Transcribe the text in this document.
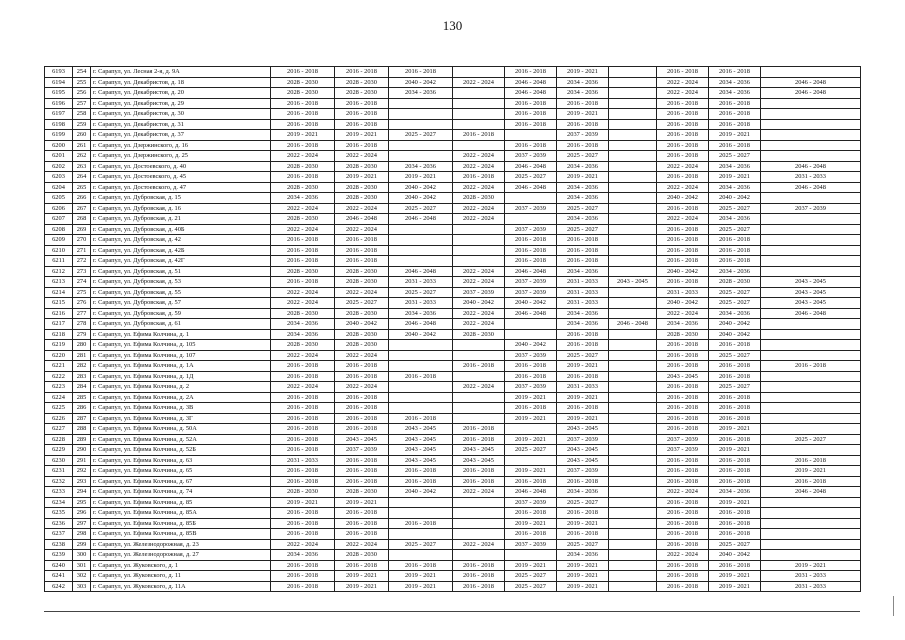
130
6193	254	г. Сарапул, ул. Лесная 2-я, д. 9А	2016 - 2018	2016 - 2018	2016 - 2018		2016 - 2018	2019 - 2021		2016 - 2018	2016 - 2018	
6194	255	г. Сарапул, ул. Декабристов, д. 18	2028 - 2030	2028 - 2030	2040 - 2042	2022 - 2024	2046 - 2048	2034 - 2036		2022 - 2024	2034 - 2036	2046 - 2048
6195	256	г. Сарапул, ул. Декабристов, д. 20	2028 - 2030	2028 - 2030	2034 - 2036		2046 - 2048	2034 - 2036		2022 - 2024	2034 - 2036	2046 - 2048
6196	257	г. Сарапул, ул. Декабристов, д. 29	2016 - 2018	2016 - 2018			2016 - 2018	2016 - 2018		2016 - 2018	2016 - 2018	
6197	258	г. Сарапул, ул. Декабристов, д. 30	2016 - 2018	2016 - 2018			2016 - 2018	2019 - 2021		2016 - 2018	2016 - 2018	
6198	259	г. Сарапул, ул. Декабристов, д. 31	2016 - 2018	2016 - 2018			2016 - 2018	2016 - 2018		2016 - 2018	2016 - 2018	
6199	260	г. Сарапул, ул. Декабристов, д. 37	2019 - 2021	2019 - 2021	2025 - 2027	2016 - 2018		2037 - 2039		2016 - 2018	2019 - 2021	
6200	261	г. Сарапул, ул. Дзержинского, д. 16	2016 - 2018	2016 - 2018			2016 - 2018	2016 - 2018		2016 - 2018	2016 - 2018	
6201	262	г. Сарапул, ул. Дзержинского, д. 25	2022 - 2024	2022 - 2024		2022 - 2024	2037 - 2039	2025 - 2027		2016 - 2018	2025 - 2027	
6202	263	г. Сарапул, ул. Достоевского, д. 40	2028 - 2030	2028 - 2030	2034 - 2036	2022 - 2024	2046 - 2048	2034 - 2036		2022 - 2024	2034 - 2036	2046 - 2048
6203	264	г. Сарапул, ул. Достоевского, д. 45	2016 - 2018	2019 - 2021	2019 - 2021	2016 - 2018	2025 - 2027	2019 - 2021		2016 - 2018	2019 - 2021	2031 - 2033
6204	265	г. Сарапул, ул. Достоевского, д. 47	2028 - 2030	2028 - 2030	2040 - 2042	2022 - 2024	2046 - 2048	2034 - 2036		2022 - 2024	2034 - 2036	2046 - 2048
6205	266	г. Сарапул, ул. Дубровская, д. 15	2034 - 2036	2028 - 2030	2040 - 2042	2028 - 2030		2034 - 2036		2040 - 2042	2040 - 2042	
6206	267	г. Сарапул, ул. Дубровская, д. 16	2022 - 2024	2022 - 2024	2025 - 2027	2022 - 2024	2037 - 2039	2025 - 2027		2016 - 2018	2025 - 2027	2037 - 2039
6207	268	г. Сарапул, ул. Дубровская, д. 21	2028 - 2030	2046 - 2048	2046 - 2048	2022 - 2024		2034 - 2036		2022 - 2024	2034 - 2036	
6208	269	г. Сарапул, ул. Дубровская, д. 40Б	2022 - 2024	2022 - 2024			2037 - 2039	2025 - 2027		2016 - 2018	2025 - 2027	
6209	270	г. Сарапул, ул. Дубровская, д. 42	2016 - 2018	2016 - 2018			2016 - 2018	2016 - 2018		2016 - 2018	2016 - 2018	
6210	271	г. Сарапул, ул. Дубровская, д. 42Б	2016 - 2018	2016 - 2018			2016 - 2018	2016 - 2018		2016 - 2018	2016 - 2018	
6211	272	г. Сарапул, ул. Дубровская, д. 42Г	2016 - 2018	2016 - 2018			2016 - 2018	2016 - 2018		2016 - 2018	2016 - 2018	
6212	273	г. Сарапул, ул. Дубровская, д. 51	2028 - 2030	2028 - 2030	2046 - 2048	2022 - 2024	2046 - 2048	2034 - 2036		2040 - 2042	2034 - 2036	
6213	274	г. Сарапул, ул. Дубровская, д. 53	2016 - 2018	2028 - 2030	2031 - 2033	2022 - 2024	2037 - 2039	2031 - 2033	2043 - 2045	2016 - 2018	2028 - 2030	2043 - 2045
6214	275	г. Сарапул, ул. Дубровская, д. 55	2022 - 2024	2022 - 2024	2025 - 2027	2037 - 2039	2037 - 2039	2031 - 2033		2031 - 2033	2025 - 2027	2043 - 2045
6215	276	г. Сарапул, ул. Дубровская, д. 57	2022 - 2024	2025 - 2027	2031 - 2033	2040 - 2042	2040 - 2042	2031 - 2033		2040 - 2042	2025 - 2027	2043 - 2045
6216	277	г. Сарапул, ул. Дубровская, д. 59	2028 - 2030	2028 - 2030	2034 - 2036	2022 - 2024	2046 - 2048	2034 - 2036		2022 - 2024	2034 - 2036	2046 - 2048
6217	278	г. Сарапул, ул. Дубровская, д. 61	2034 - 2036	2040 - 2042	2046 - 2048	2022 - 2024		2034 - 2036	2046 - 2048	2034 - 2036	2040 - 2042	
6218	279	г. Сарапул, ул. Ефима Колчина, д. 1	2034 - 2036	2028 - 2030	2040 - 2042	2028 - 2030		2016 - 2018		2028 - 2030	2040 - 2042	
6219	280	г. Сарапул, ул. Ефима Колчина, д. 105	2028 - 2030	2028 - 2030			2040 - 2042	2016 - 2018		2016 - 2018	2016 - 2018	
6220	281	г. Сарапул, ул. Ефима Колчина, д. 107	2022 - 2024	2022 - 2024			2037 - 2039	2025 - 2027		2016 - 2018	2025 - 2027	
6221	282	г. Сарапул, ул. Ефима Колчина, д. 1А	2016 - 2018	2016 - 2018		2016 - 2018	2016 - 2018	2019 - 2021		2016 - 2018	2016 - 2018	2016 - 2018
6222	283	г. Сарапул, ул. Ефима Колчина, д. 1Д	2016 - 2018	2016 - 2018	2016 - 2018		2016 - 2018	2016 - 2018		2043 - 2045	2016 - 2018	
6223	284	г. Сарапул, ул. Ефима Колчина, д. 2	2022 - 2024	2022 - 2024		2022 - 2024	2037 - 2039	2031 - 2033		2016 - 2018	2025 - 2027	
6224	285	г. Сарапул, ул. Ефима Колчина, д. 2А	2016 - 2018	2016 - 2018			2019 - 2021	2019 - 2021		2016 - 2018	2016 - 2018	
6225	286	г. Сарапул, ул. Ефима Колчина, д. 3В	2016 - 2018	2016 - 2018			2016 - 2018	2016 - 2018		2016 - 2018	2016 - 2018	
6226	287	г. Сарапул, ул. Ефима Колчина, д. 3Г	2016 - 2018	2016 - 2018	2016 - 2018		2019 - 2021	2019 - 2021		2016 - 2018	2016 - 2018	
6227	288	г. Сарапул, ул. Ефима Колчина, д. 50А	2016 - 2018	2016 - 2018	2043 - 2045	2016 - 2018		2043 - 2045		2016 - 2018	2019 - 2021	
6228	289	г. Сарапул, ул. Ефима Колчина, д. 52А	2016 - 2018	2043 - 2045	2043 - 2045	2016 - 2018	2019 - 2021	2037 - 2039		2037 - 2039	2016 - 2018	2025 - 2027
6229	290	г. Сарапул, ул. Ефима Колчина, д. 52Б	2016 - 2018	2037 - 2039	2043 - 2045	2043 - 2045	2025 - 2027	2043 - 2045		2037 - 2039	2019 - 2021	
6230	291	г. Сарапул, ул. Ефима Колчина, д. 63	2031 - 2033	2016 - 2018	2043 - 2045	2043 - 2045		2043 - 2045		2016 - 2018	2016 - 2018	2016 - 2018
6231	292	г. Сарапул, ул. Ефима Колчина, д. 65	2016 - 2018	2016 - 2018	2016 - 2018	2016 - 2018	2019 - 2021	2037 - 2039		2016 - 2018	2016 - 2018	2019 - 2021
6232	293	г. Сарапул, ул. Ефима Колчина, д. 67	2016 - 2018	2016 - 2018	2016 - 2018	2016 - 2018	2016 - 2018	2016 - 2018		2016 - 2018	2016 - 2018	2016 - 2018
6233	294	г. Сарапул, ул. Ефима Колчина, д. 74	2028 - 2030	2028 - 2030	2040 - 2042	2022 - 2024	2046 - 2048	2034 - 2036		2022 - 2024	2034 - 2036	2046 - 2048
6234	295	г. Сарапул, ул. Ефима Колчина, д. 85	2019 - 2021	2019 - 2021			2037 - 2039	2025 - 2027		2016 - 2018	2019 - 2021	
6235	296	г. Сарапул, ул. Ефима Колчина, д. 85А	2016 - 2018	2016 - 2018			2016 - 2018	2016 - 2018		2016 - 2018	2016 - 2018	
6236	297	г. Сарапул, ул. Ефима Колчина, д. 85Б	2016 - 2018	2016 - 2018	2016 - 2018		2019 - 2021	2019 - 2021		2016 - 2018	2016 - 2018	
6237	298	г. Сарапул, ул. Ефима Колчина, д. 85В	2016 - 2018	2016 - 2018			2016 - 2018	2016 - 2018		2016 - 2018	2016 - 2018	
6238	299	г. Сарапул, ул. Железнодорожная, д. 23	2022 - 2024	2022 - 2024	2025 - 2027	2022 - 2024	2037 - 2039	2025 - 2027		2016 - 2018	2025 - 2027	
6239	300	г. Сарапул, ул. Железнодорожная, д. 27	2034 - 2036	2028 - 2030				2034 - 2036		2022 - 2024	2040 - 2042	
6240	301	г. Сарапул, ул. Жуковского, д. 1	2016 - 2018	2016 - 2018	2016 - 2018	2016 - 2018	2019 - 2021	2019 - 2021		2016 - 2018	2016 - 2018	2019 - 2021
6241	302	г. Сарапул, ул. Жуковского, д. 11	2016 - 2018	2019 - 2021	2019 - 2021	2016 - 2018	2025 - 2027	2019 - 2021		2016 - 2018	2019 - 2021	2031 - 2033
6242	303	г. Сарапул, ул. Жуковского, д. 11А	2016 - 2018	2019 - 2021	2019 - 2021	2016 - 2018	2025 - 2027	2019 - 2021		2016 - 2018	2019 - 2021	2031 - 2033
